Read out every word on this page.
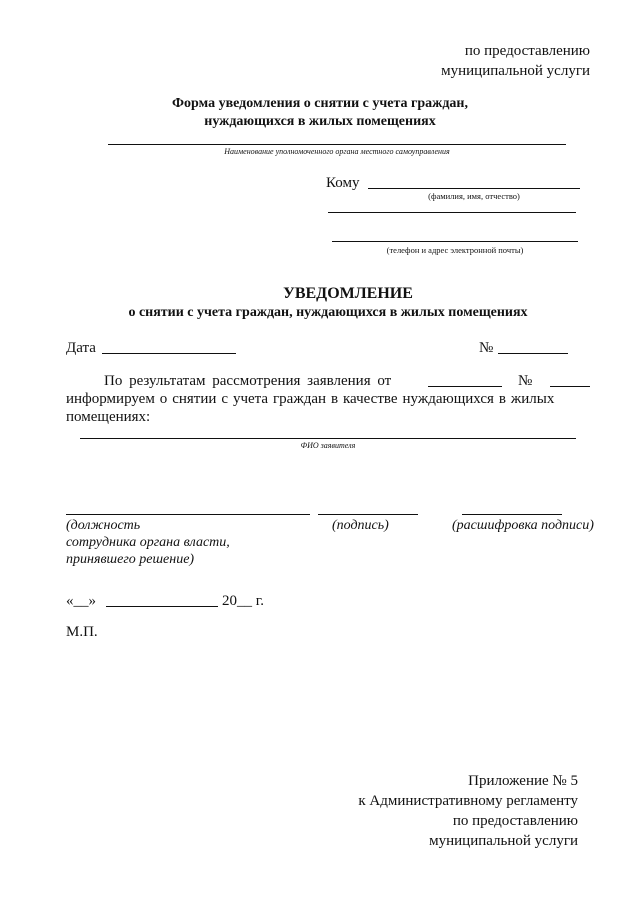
по предоставлению
муниципальной услуги
Форма уведомления о снятии с учета граждан,
нуждающихся в жилых помещениях
Наименование уполномоченного органа местного самоуправления
Кому
(фамилия, имя, отчество)
(телефон и адрес электронной почты)
УВЕДОМЛЕНИЕ
о снятии с учета граждан, нуждающихся в жилых помещениях
Дата	№
По результатам рассмотрения заявления от	№
информируем о снятии с учета граждан в качестве нуждающихся в жилых
помещениях:
ФИО заявителя
(должность
сотрудника органа власти,
принявшего решение)
(подпись)	(расшифровка подписи)
«__»	20__ г.
М.П.
Приложение № 5
к Административному регламенту
по предоставлению
муниципальной услуги
